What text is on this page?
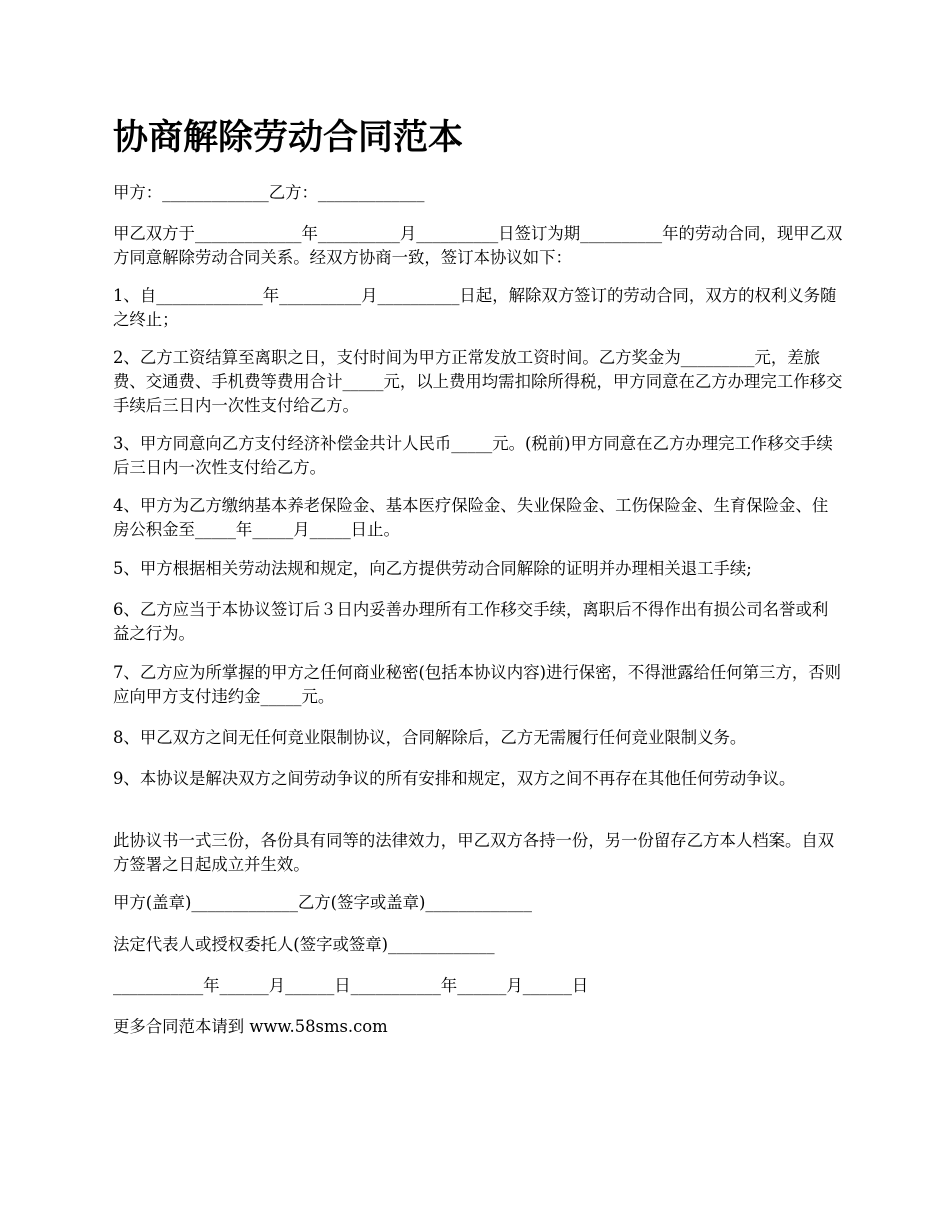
协商解除劳动合同范本

甲方：_____________乙方：_____________

甲乙双方于_____________年__________月__________日签订为期__________年的劳动合同，现甲乙双方同意解除劳动合同关系。经双方协商一致，签订本协议如下：

1、自_____________年__________月__________日起，解除双方签订的劳动合同，双方的权利义务随之终止；

2、乙方工资结算至离职之日，支付时间为甲方正常发放工资时间。乙方奖金为_________元，差旅费、交通费、手机费等费用合计_____元，以上费用均需扣除所得税，甲方同意在乙方办理完工作移交手续后三日内一次性支付给乙方。

3、甲方同意向乙方支付经济补偿金共计人民币_____元。(税前)甲方同意在乙方办理完工作移交手续后三日内一次性支付给乙方。

4、甲方为乙方缴纳基本养老保险金、基本医疗保险金、失业保险金、工伤保险金、生育保险金、住房公积金至_____年_____月_____日止。

5、甲方根据相关劳动法规和规定，向乙方提供劳动合同解除的证明并办理相关退工手续;

6、乙方应当于本协议签订后３日内妥善办理所有工作移交手续，离职后不得作出有损公司名誉或利益之行为。

7、乙方应为所掌握的甲方之任何商业秘密(包括本协议内容)进行保密，不得泄露给任何第三方，否则应向甲方支付违约金_____元。

8、甲乙双方之间无任何竞业限制协议，合同解除后，乙方无需履行任何竞业限制义务。

9、本协议是解决双方之间劳动争议的所有安排和规定，双方之间不再存在其他任何劳动争议。

此协议书一式三份，各份具有同等的法律效力，甲乙双方各持一份，另一份留存乙方本人档案。自双方签署之日起成立并生效。

甲方(盖章)_____________乙方(签字或盖章)_____________

法定代表人或授权委托人(签字或签章)_____________

___________年______月______日___________年______月______日

更多合同范本请到 www.58sms.com
